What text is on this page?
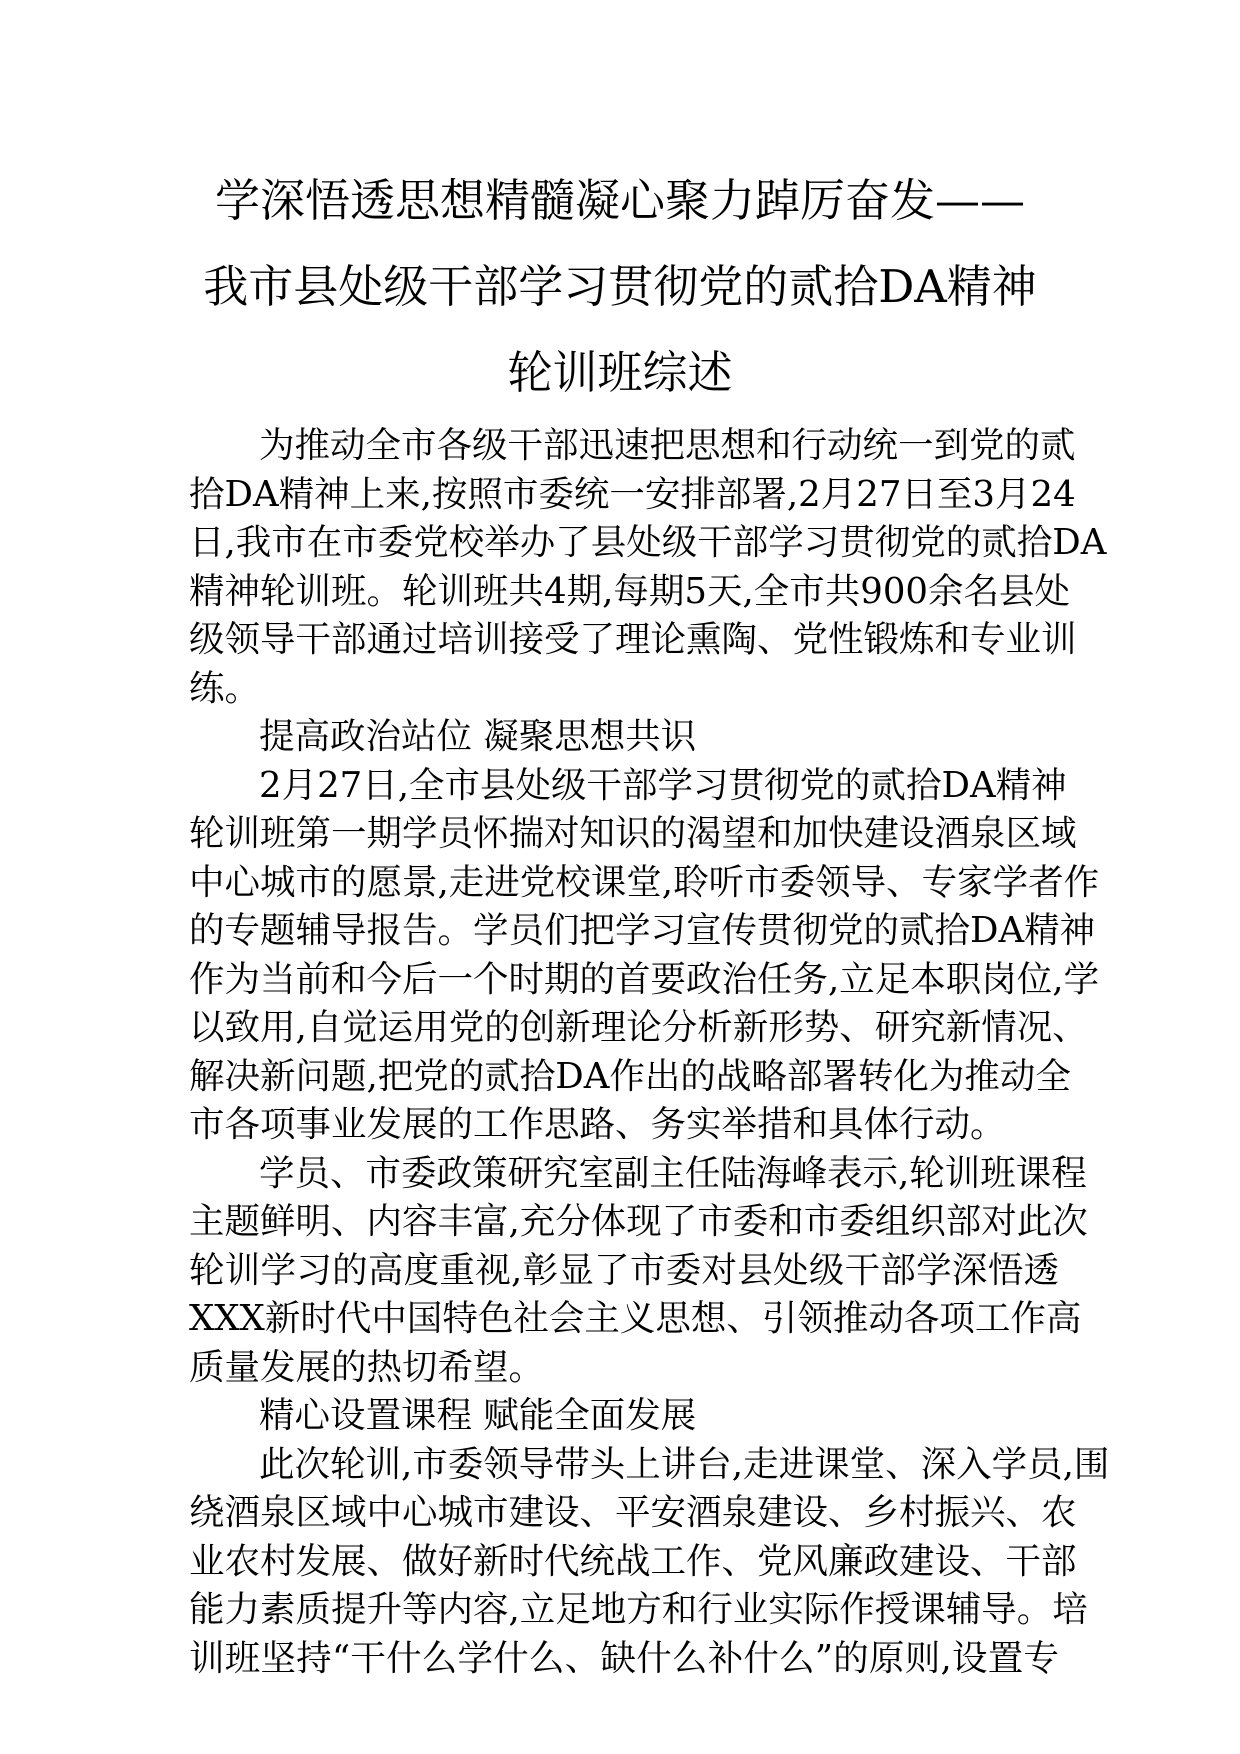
学深悟透思想精髓凝心聚力踔厉奋发——
我市县处级干部学习贯彻党的贰拾DA精神
轮训班综述
为推动全市各级干部迅速把思想和行动统一到党的贰
拾DA精神上来,按照市委统一安排部署,2月27日至3月24
日,我市在市委党校举办了县处级干部学习贯彻党的贰拾DA
精神轮训班。轮训班共4期,每期5天,全市共900余名县处
级领导干部通过培训接受了理论熏陶、党性锻炼和专业训
练。
提高政治站位 凝聚思想共识
2月27日,全市县处级干部学习贯彻党的贰拾DA精神
轮训班第一期学员怀揣对知识的渴望和加快建设酒泉区域
中心城市的愿景,走进党校课堂,聆听市委领导、专家学者作
的专题辅导报告。学员们把学习宣传贯彻党的贰拾DA精神
作为当前和今后一个时期的首要政治任务,立足本职岗位,学
以致用,自觉运用党的创新理论分析新形势、研究新情况、
解决新问题,把党的贰拾DA作出的战略部署转化为推动全
市各项事业发展的工作思路、务实举措和具体行动。
学员、市委政策研究室副主任陆海峰表示,轮训班课程
主题鲜明、内容丰富,充分体现了市委和市委组织部对此次
轮训学习的高度重视,彰显了市委对县处级干部学深悟透
XXX新时代中国特色社会主义思想、引领推动各项工作高
质量发展的热切希望。
精心设置课程 赋能全面发展
此次轮训,市委领导带头上讲台,走进课堂、深入学员,围
绕酒泉区域中心城市建设、平安酒泉建设、乡村振兴、农
业农村发展、做好新时代统战工作、党风廉政建设、干部
能力素质提升等内容,立足地方和行业实际作授课辅导。培
训班坚持“干什么学什么、缺什么补什么”的原则,设置专
